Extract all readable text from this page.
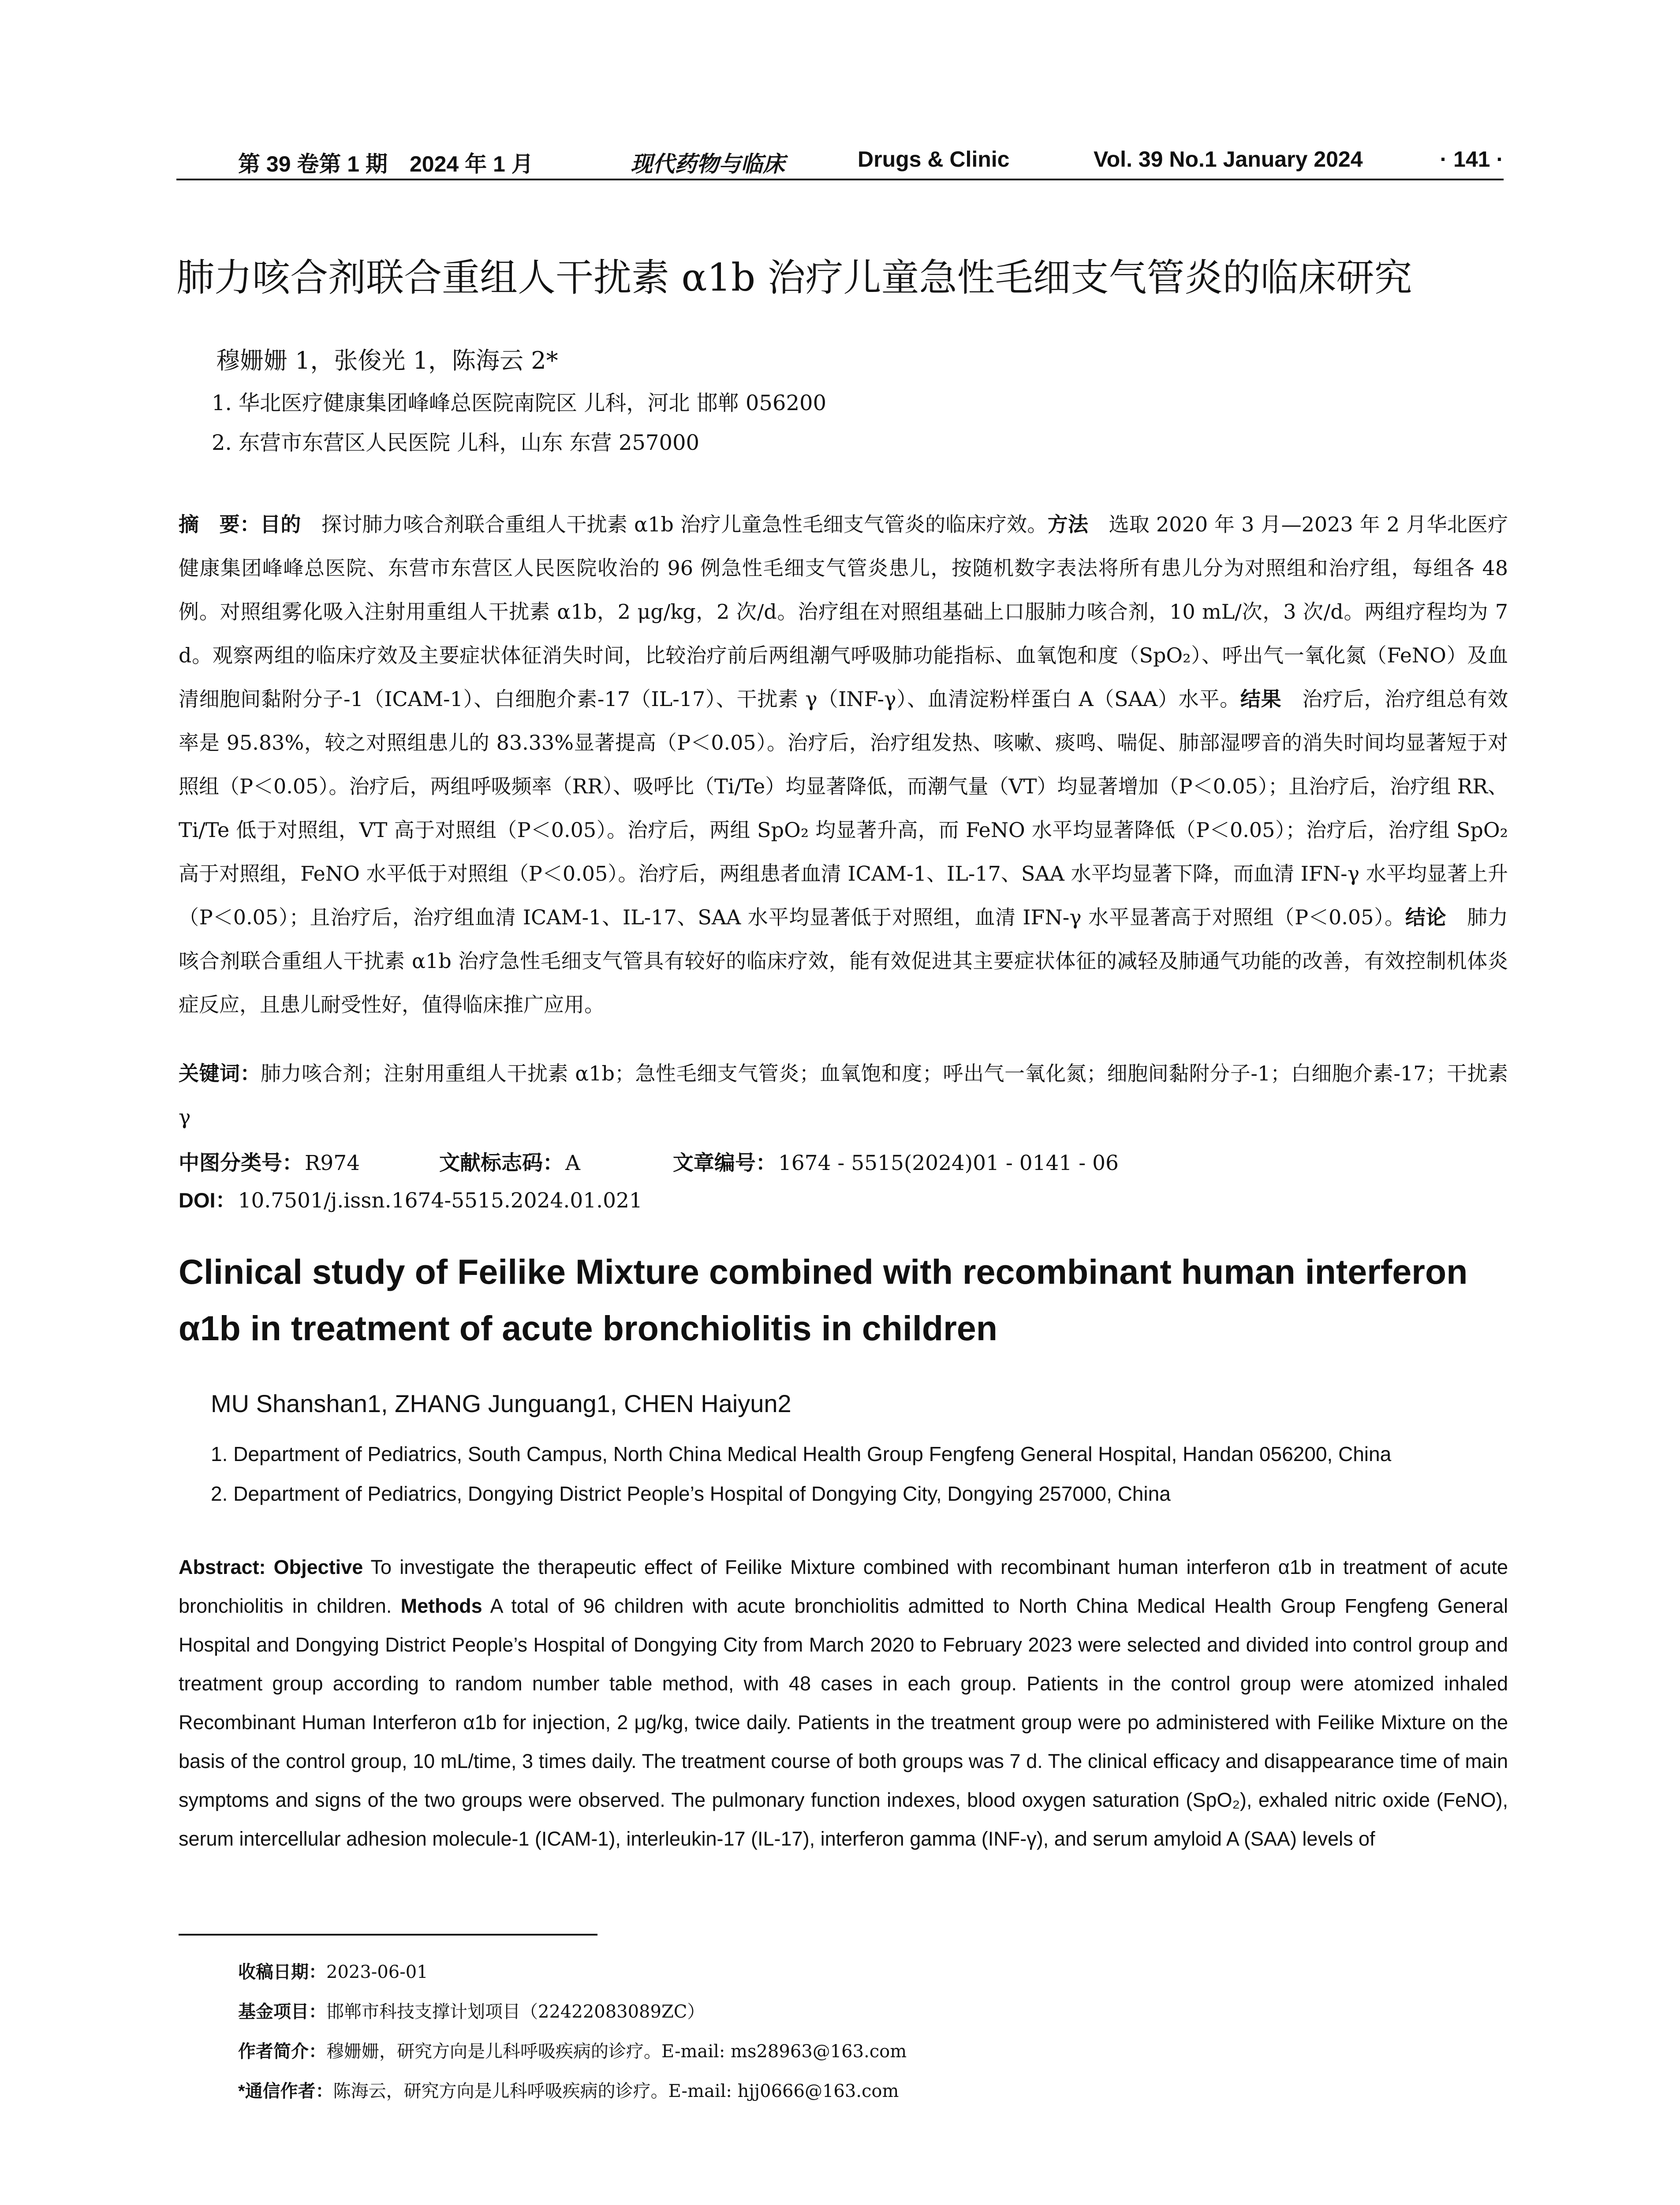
第 39 卷第 1 期　2024 年 1 月	现代药物与临床	Drugs & Clinic	Vol. 39 No.1 January 2024	· 141 ·
肺力咳合剂联合重组人干扰素 α1b 治疗儿童急性毛细支气管炎的临床研究
穆姗姗 1，张俊光 1，陈海云 2*
1. 华北医疗健康集团峰峰总医院南院区 儿科，河北 邯郸 056200
2. 东营市东营区人民医院 儿科，山东 东营 257000
摘　要：目的　探讨肺力咳合剂联合重组人干扰素 α1b 治疗儿童急性毛细支气管炎的临床疗效。方法　选取 2020 年 3 月—2023 年 2 月华北医疗健康集团峰峰总医院、东营市东营区人民医院收治的 96 例急性毛细支气管炎患儿，按随机数字表法将所有患儿分为对照组和治疗组，每组各 48 例。对照组雾化吸入注射用重组人干扰素 α1b，2 μg/kg，2 次/d。治疗组在对照组基础上口服肺力咳合剂，10 mL/次，3 次/d。两组疗程均为 7 d。观察两组的临床疗效及主要症状体征消失时间，比较治疗前后两组潮气呼吸肺功能指标、血氧饱和度（SpO₂）、呼出气一氧化氮（FeNO）及血清细胞间黏附分子-1（ICAM-1）、白细胞介素-17（IL-17）、干扰素 γ（INF-γ）、血清淀粉样蛋白 A（SAA）水平。结果　治疗后，治疗组总有效率是 95.83%，较之对照组患儿的 83.33%显著提高（P＜0.05）。治疗后，治疗组发热、咳嗽、痰鸣、喘促、肺部湿啰音的消失时间均显著短于对照组（P＜0.05）。治疗后，两组呼吸频率（RR）、吸呼比（Ti/Te）均显著降低，而潮气量（VT）均显著增加（P＜0.05）；且治疗后，治疗组 RR、Ti/Te 低于对照组，VT 高于对照组（P＜0.05）。治疗后，两组 SpO₂ 均显著升高，而 FeNO 水平均显著降低（P＜0.05）；治疗后，治疗组 SpO₂ 高于对照组，FeNO 水平低于对照组（P＜0.05）。治疗后，两组患者血清 ICAM-1、IL-17、SAA 水平均显著下降，而血清 IFN-γ 水平均显著上升（P＜0.05）；且治疗后，治疗组血清 ICAM-1、IL-17、SAA 水平均显著低于对照组，血清 IFN-γ 水平显著高于对照组（P＜0.05）。结论　肺力咳合剂联合重组人干扰素 α1b 治疗急性毛细支气管具有较好的临床疗效，能有效促进其主要症状体征的减轻及肺通气功能的改善，有效控制机体炎症反应，且患儿耐受性好，值得临床推广应用。
关键词：肺力咳合剂；注射用重组人干扰素 α1b；急性毛细支气管炎；血氧饱和度；呼出气一氧化氮；细胞间黏附分子-1；白细胞介素-17；干扰素 γ
中图分类号：R974	文献标志码：A	文章编号：1674 - 5515(2024)01 - 0141 - 06
DOI：10.7501/j.issn.1674-5515.2024.01.021
Clinical study of Feilike Mixture combined with recombinant human interferon α1b in treatment of acute bronchiolitis in children
MU Shanshan1, ZHANG Junguang1, CHEN Haiyun2
1. Department of Pediatrics, South Campus, North China Medical Health Group Fengfeng General Hospital, Handan 056200, China
2. Department of Pediatrics, Dongying District People’s Hospital of Dongying City, Dongying 257000, China
Abstract: Objective To investigate the therapeutic effect of Feilike Mixture combined with recombinant human interferon α1b in treatment of acute bronchiolitis in children. Methods A total of 96 children with acute bronchiolitis admitted to North China Medical Health Group Fengfeng General Hospital and Dongying District People’s Hospital of Dongying City from March 2020 to February 2023 were selected and divided into control group and treatment group according to random number table method, with 48 cases in each group. Patients in the control group were atomized inhaled Recombinant Human Interferon α1b for injection, 2 μg/kg, twice daily. Patients in the treatment group were po administered with Feilike Mixture on the basis of the control group, 10 mL/time, 3 times daily. The treatment course of both groups was 7 d. The clinical efficacy and disappearance time of main symptoms and signs of the two groups were observed. The pulmonary function indexes, blood oxygen saturation (SpO₂), exhaled nitric oxide (FeNO), serum intercellular adhesion molecule-1 (ICAM-1), interleukin-17 (IL-17), interferon gamma (INF-γ), and serum amyloid A (SAA) levels of
收稿日期：2023-06-01
基金项目：邯郸市科技支撑计划项目（22422083089ZC）
作者简介：穆姗姗，研究方向是儿科呼吸疾病的诊疗。E-mail: ms28963@163.com
*通信作者：陈海云，研究方向是儿科呼吸疾病的诊疗。E-mail: hjj0666@163.com
